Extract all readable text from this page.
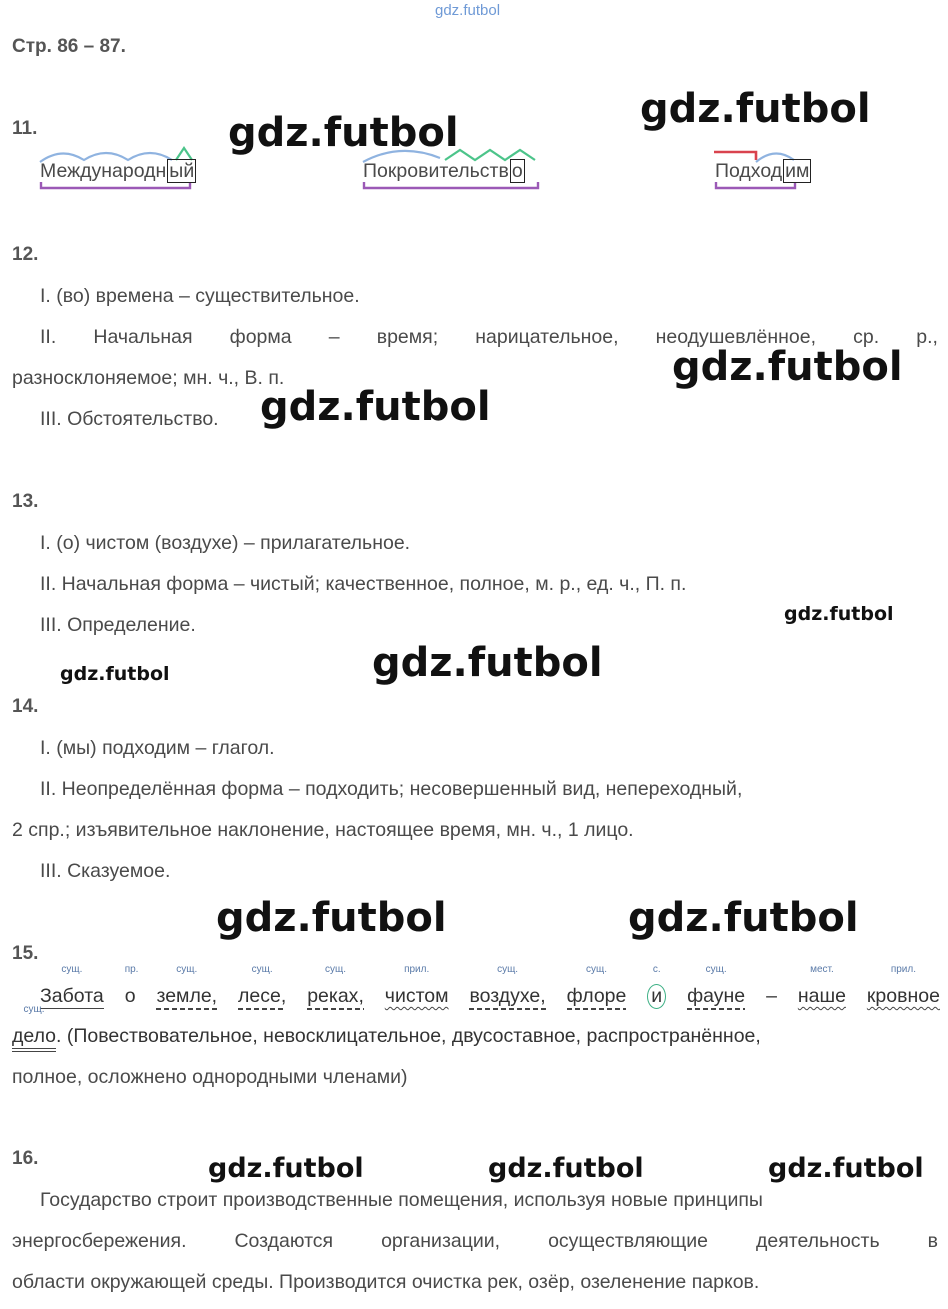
gdz.futbol
Стр. 86 – 87.
11.	gdz.futbol
gdz.futbol
Международн ый	Покровительств о	Подход им
12.
I. (во) времена – существительное.
II. Начальная форма – время; нарицательное, неодушевлённое, ср. р.,
разносклоняемое; мн. ч., В. п.
III. Обстоятельство.
gdz.futbol
gdz.futbol
13.
I. (о) чистом (воздухе) – прилагательное.
II. Начальная форма – чистый; качественное, полное, м. р., ед. ч., П. п.
III. Определение.	gdz.futbol
gdz.futbol	gdz.futbol
14.
I. (мы) подходим – глагол.
II. Неопределённая форма – подходить; несовершенный вид, непереходный,
2 спр.; изъявительное наклонение, настоящее время, мн. ч., 1 лицо.
III. Сказуемое.
gdz.futbol	gdz.futbol
15.
сущ.
Забота
пр.
о
сущ.
земле,
сущ.
лесе,
сущ.
реках,
прил.
чистом
сущ.
воздухе,
сущ.
флоре
с.
и
сущ.
фауне –
мест.
наше
прил.
кровное
сущ.
дело. (Повествовательное, невосклицательное, двусоставное, распространённое,
полное, осложнено однородными членами)
16.	gdz.futbol	gdz.futbol	gdz.futbol
Государство строит производственные помещения, используя новые принципы
энергосбережения. Создаются организации, осуществляющие деятельность в
области окружающей среды. Производится очистка рек, озёр, озеленение парков.
